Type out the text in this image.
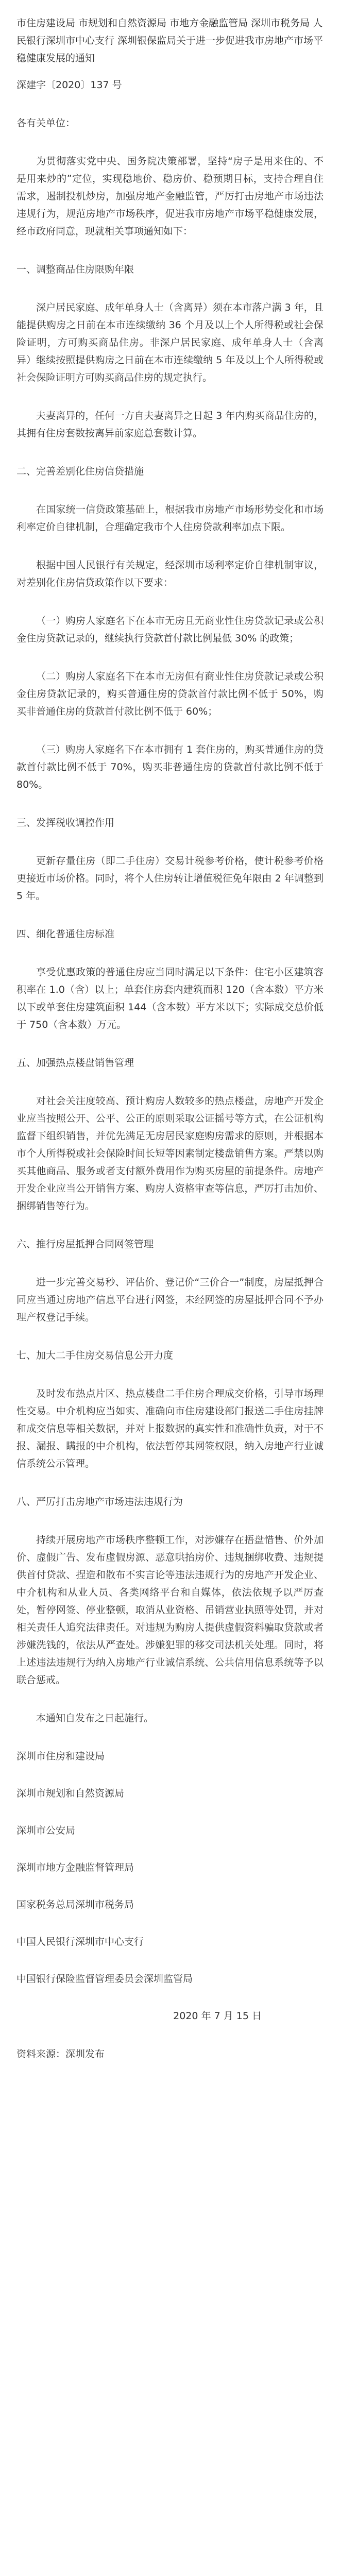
市住房建设局 市规划和自然资源局 市地方金融监管局 深圳市税务局 人民银行深圳市中心支行 深圳银保监局关于进一步促进我市房地产市场平稳健康发展的通知
深建字〔2020〕137 号
各有关单位：
为贯彻落实党中央、国务院决策部署，坚持“房子是用来住的、不是用来炒的”定位，实现稳地价、稳房价、稳预期目标，支持合理自住需求，遏制投机炒房，加强房地产金融监管，严厉打击房地产市场违法违规行为，规范房地产市场秩序，促进我市房地产市场平稳健康发展，经市政府同意，现就相关事项通知如下：
一、调整商品住房限购年限
深户居民家庭、成年单身人士（含离异）须在本市落户满 3 年，且能提供购房之日前在本市连续缴纳 36 个月及以上个人所得税或社会保险证明，方可购买商品住房。非深户居民家庭、成年单身人士（含离异）继续按照提供购房之日前在本市连续缴纳 5 年及以上个人所得税或社会保险证明方可购买商品住房的规定执行。
夫妻离异的，任何一方自夫妻离异之日起 3 年内购买商品住房的，其拥有住房套数按离异前家庭总套数计算。
二、完善差别化住房信贷措施
在国家统一信贷政策基础上，根据我市房地产市场形势变化和市场利率定价自律机制，合理确定我市个人住房贷款利率加点下限。
根据中国人民银行有关规定，经深圳市场利率定价自律机制审议，对差别化住房信贷政策作以下要求：
（一）购房人家庭名下在本市无房且无商业性住房贷款记录或公积金住房贷款记录的，继续执行贷款首付款比例最低 30% 的政策；
（二）购房人家庭名下在本市无房但有商业性住房贷款记录或公积金住房贷款记录的，购买普通住房的贷款首付款比例不低于 50%，购买非普通住房的贷款首付款比例不低于 60%；
（三）购房人家庭名下在本市拥有 1 套住房的，购买普通住房的贷款首付款比例不低于 70%，购买非普通住房的贷款首付款比例不低于 80%。
三、发挥税收调控作用
更新存量住房（即二手住房）交易计税参考价格，使计税参考价格更接近市场价格。同时，将个人住房转让增值税征免年限由 2 年调整到 5 年。
四、细化普通住房标准
享受优惠政策的普通住房应当同时满足以下条件：住宅小区建筑容积率在 1.0（含）以上；单套住房套内建筑面积 120（含本数）平方米以下或单套住房建筑面积 144（含本数）平方米以下；实际成交总价低于 750（含本数）万元。
五、加强热点楼盘销售管理
对社会关注度较高、预计购房人数较多的热点楼盘，房地产开发企业应当按照公开、公平、公正的原则采取公证摇号等方式，在公证机构监督下组织销售，并优先满足无房居民家庭购房需求的原则，并根据本市个人所得税或社会保险时间长短等因素制定楼盘销售方案。严禁以购买其他商品、服务或者支付额外费用作为购买房屋的前提条件。房地产开发企业应当公开销售方案、购房人资格审查等信息，严厉打击加价、捆绑销售等行为。
六、推行房屋抵押合同网签管理
进一步完善交易秒、评估价、登记价“三价合一”制度，房屋抵押合同应当通过房地产信息平台进行网签，未经网签的房屋抵押合同不予办理产权登记手续。
七、加大二手住房交易信息公开力度
及时发布热点片区、热点楼盘二手住房合理成交价格，引导市场理性交易。中介机构应当如实、准确向市住房建设部门报送二手住房挂牌和成交信息等相关数据，并对上报数据的真实性和准确性负责，对于不报、漏报、瞒报的中介机构，依法暂停其网签权限，纳入房地产行业诚信系统公示管理。
八、严厉打击房地产市场违法违规行为
持续开展房地产市场秩序整顿工作，对涉嫌存在捂盘惜售、价外加价、虚假广告、发布虚假房源、恶意哄抬房价、违规捆绑收费、违规提供首付贷款、捏造和散布不实言论等违法违规行为的房地产开发企业、中介机构和从业人员、各类网络平台和自媒体，依法依规予以严厉查处，暂停网签、停业整顿，取消从业资格、吊销营业执照等处罚，并对相关责任人追究法律责任。对违规为购房人提供虚假资料骗取贷款或者涉嫌洗钱的，依法从严查处。涉嫌犯罪的移交司法机关处理。同时，将上述违法违规行为纳入房地产行业诚信系统、公共信用信息系统等予以联合惩戒。
本通知自发布之日起施行。
深圳市住房和建设局
深圳市规划和自然资源局
深圳市公安局
深圳市地方金融监督管理局
国家税务总局深圳市税务局
中国人民银行深圳市中心支行
中国银行保险监督管理委员会深圳监管局
2020 年 7 月 15 日
资料来源：深圳发布
